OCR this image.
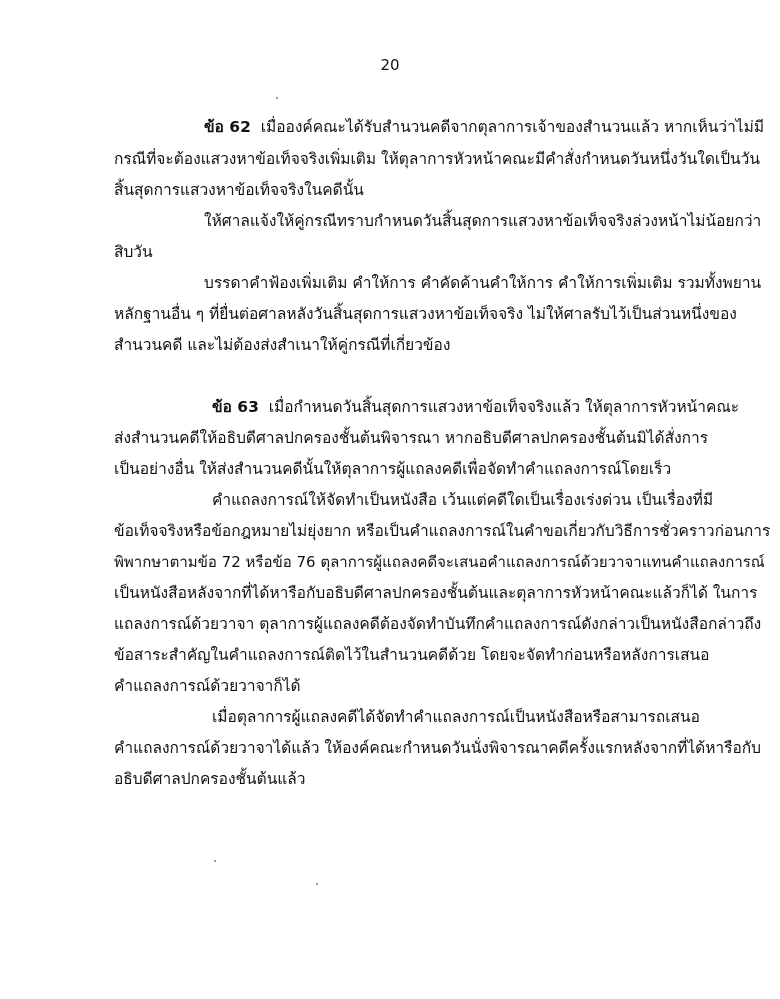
20
ข้อ 62 เมื่อองค์คณะได้รับสำนวนคดีจากตุลาการเจ้าของสำนวนแล้ว หากเห็นว่าไม่มี
กรณีที่จะต้องแสวงหาข้อเท็จจริงเพิ่มเติม ให้ตุลาการหัวหน้าคณะมีคำสั่งกำหนดวันหนึ่งวันใดเป็นวัน
สิ้นสุดการแสวงหาข้อเท็จจริงในคดีนั้น
ให้ศาลแจ้งให้คู่กรณีทราบกำหนดวันสิ้นสุดการแสวงหาข้อเท็จจริงล่วงหน้าไม่น้อยกว่า
สิบวัน
บรรดาคำฟ้องเพิ่มเติม คำให้การ คำคัดค้านคำให้การ คำให้การเพิ่มเติม รวมทั้งพยาน
หลักฐานอื่น ๆ ที่ยื่นต่อศาลหลังวันสิ้นสุดการแสวงหาข้อเท็จจริง ไม่ให้ศาลรับไว้เป็นส่วนหนึ่งของ
สำนวนคดี และไม่ต้องส่งสำเนาให้คู่กรณีที่เกี่ยวข้อง
ข้อ 63 เมื่อกำหนดวันสิ้นสุดการแสวงหาข้อเท็จจริงแล้ว ให้ตุลาการหัวหน้าคณะ
ส่งสำนวนคดีให้อธิบดีศาลปกครองชั้นต้นพิจารณา หากอธิบดีศาลปกครองชั้นต้นมิได้สั่งการ
เป็นอย่างอื่น ให้ส่งสำนวนคดีนั้นให้ตุลาการผู้แถลงคดีเพื่อจัดทำคำแถลงการณ์โดยเร็ว
คำแถลงการณ์ให้จัดทำเป็นหนังสือ เว้นแต่คดีใดเป็นเรื่องเร่งด่วน เป็นเรื่องที่มี
ข้อเท็จจริงหรือข้อกฎหมายไม่ยุ่งยาก หรือเป็นคำแถลงการณ์ในคำขอเกี่ยวกับวิธีการชั่วคราวก่อนการ
พิพากษาตามข้อ 72 หรือข้อ 76 ตุลาการผู้แถลงคดีจะเสนอคำแถลงการณ์ด้วยวาจาแทนคำแถลงการณ์
เป็นหนังสือหลังจากที่ได้หารือกับอธิบดีศาลปกครองชั้นต้นและตุลาการหัวหน้าคณะแล้วก็ได้ ในการ
แถลงการณ์ด้วยวาจา ตุลาการผู้แถลงคดีต้องจัดทำบันทึกคำแถลงการณ์ดังกล่าวเป็นหนังสือกล่าวถึง
ข้อสาระสำคัญในคำแถลงการณ์ติดไว้ในสำนวนคดีด้วย โดยจะจัดทำก่อนหรือหลังการเสนอ
คำแถลงการณ์ด้วยวาจาก็ได้
เมื่อตุลาการผู้แถลงคดีได้จัดทำคำแถลงการณ์เป็นหนังสือหรือสามารถเสนอ
คำแถลงการณ์ด้วยวาจาได้แล้ว ให้องค์คณะกำหนดวันนั่งพิจารณาคดีครั้งแรกหลังจากที่ได้หารือกับ
อธิบดีศาลปกครองชั้นต้นแล้ว
